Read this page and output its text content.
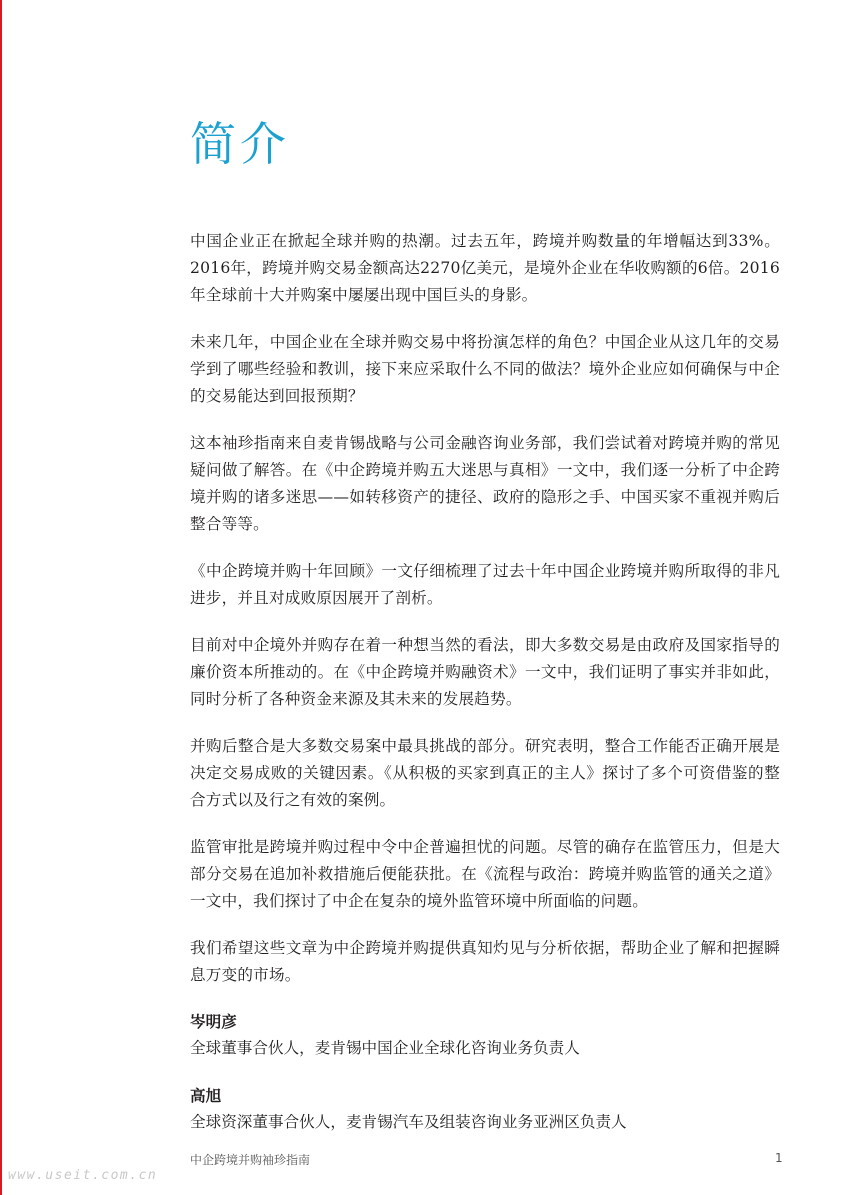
简介

中国企业正在掀起全球并购的热潮。过去五年，跨境并购数量的年增幅达到33%。2016年，跨境并购交易金额高达2270亿美元，是境外企业在华收购额的6倍。2016年全球前十大并购案中屡屡出现中国巨头的身影。

未来几年，中国企业在全球并购交易中将扮演怎样的角色？中国企业从这几年的交易学到了哪些经验和教训，接下来应采取什么不同的做法？境外企业应如何确保与中企的交易能达到回报预期？

这本袖珍指南来自麦肯锡战略与公司金融咨询业务部，我们尝试着对跨境并购的常见疑问做了解答。在《中企跨境并购五大迷思与真相》一文中，我们逐一分析了中企跨境并购的诸多迷思——如转移资产的捷径、政府的隐形之手、中国买家不重视并购后整合等等。

《中企跨境并购十年回顾》一文仔细梳理了过去十年中国企业跨境并购所取得的非凡进步，并且对成败原因展开了剖析。

目前对中企境外并购存在着一种想当然的看法，即大多数交易是由政府及国家指导的廉价资本所推动的。在《中企跨境并购融资术》一文中，我们证明了事实并非如此，同时分析了各种资金来源及其未来的发展趋势。

并购后整合是大多数交易案中最具挑战的部分。研究表明，整合工作能否正确开展是决定交易成败的关键因素。《从积极的买家到真正的主人》探讨了多个可资借鉴的整合方式以及行之有效的案例。

监管审批是跨境并购过程中令中企普遍担忧的问题。尽管的确存在监管压力，但是大部分交易在追加补救措施后便能获批。在《流程与政治：跨境并购监管的通关之道》一文中，我们探讨了中企在复杂的境外监管环境中所面临的问题。

我们希望这些文章为中企跨境并购提供真知灼见与分析依据，帮助企业了解和把握瞬息万变的市场。

岑明彦
全球董事合伙人，麦肯锡中国企业全球化咨询业务负责人
高旭
全球资深董事合伙人，麦肯锡汽车及组装咨询业务亚洲区负责人
中企跨境并购袖珍指南	1
www.useit.com.cn
